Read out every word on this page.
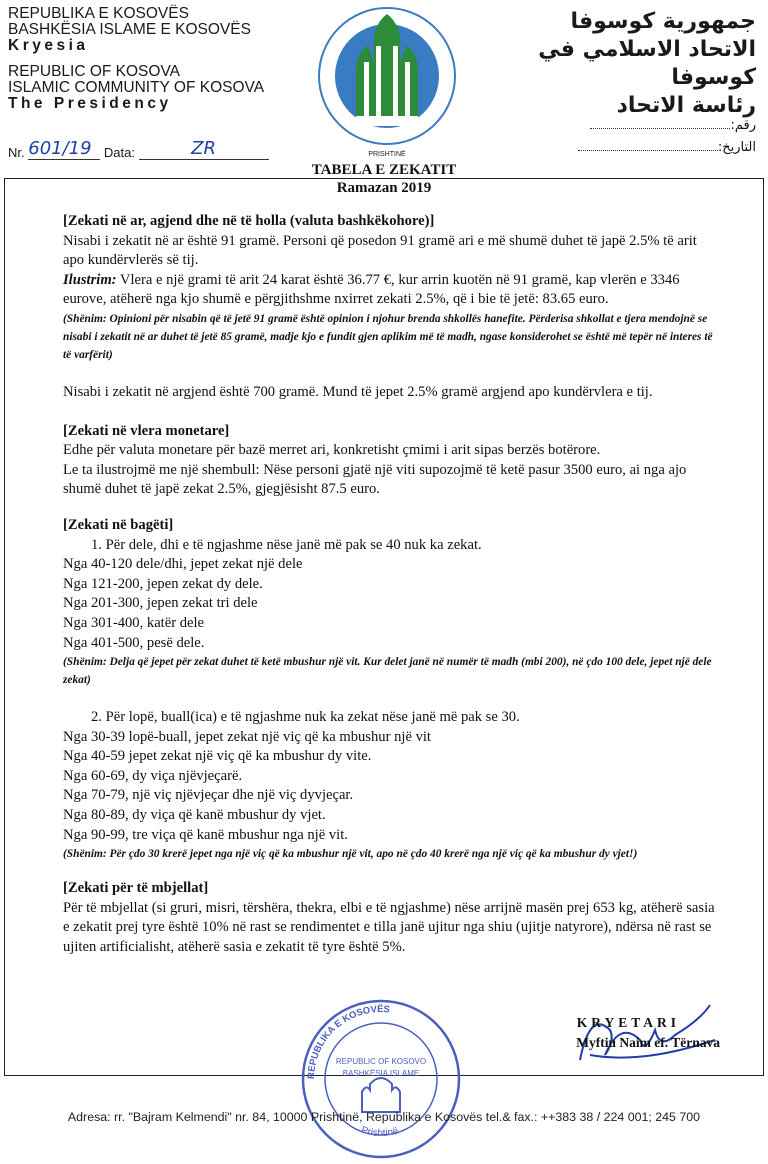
REPUBLIKA E KOSOVËS
BASHKËSIA ISLAME E KOSOVËS
Kryesia
REPUBLIC OF KOSOVA
ISLAMIC COMMUNITY OF KOSOVA
The Presidency
Nr. 601/19 Data:	ZR	PRISHTINË
جمهورية كوسوفا
الاتحاد الاسلامي في كوسوفا
رئاسة الاتحاد
رقم:
التاريخ:
TABELA E ZEKATIT
Ramazan 2019

[Zekati në ar, agjend dhe në të holla (valuta bashkëkohore)]

Nisabi i zekatit në ar është 91 gramë. Personi që posedon 91 gramë ari e më shumë duhet të japë 2.5% të arit apo kundërvlerës së tij.

Ilustrim: Vlera e një grami të arit 24 karat është 36.77 €, kur arrin kuotën në 91 gramë, kap vlerën e 3346 eurove, atëherë nga kjo shumë e përgjithshme nxirret zekati 2.5%, që i bie të jetë: 83.65 euro.

(Shënim: Opinioni për nisabin që të jetë 91 gramë është opinion i njohur brenda shkollës hanefite. Përderisa shkollat e tjera mendojnë se nisabi i zekatit në ar duhet të jetë 85 gramë, madje kjo e fundit gjen aplikim më të madh, ngase konsiderohet se është më tepër në interes të të varfërit)

Nisabi i zekatit në argjend është 700 gramë. Mund të jepet 2.5% gramë argjend apo kundërvlera e tij.

[Zekati në vlera monetare]

Edhe për valuta monetare për bazë merret ari, konkretisht çmimi i arit sipas berzës botërore.

Le ta ilustrojmë me një shembull: Nëse personi gjatë një viti supozojmë të ketë pasur 3500 euro, ai nga ajo shumë duhet të japë zekat 2.5%, gjegjësisht 87.5 euro.

[Zekati në bagëti]

1. Për dele, dhi e të ngjashme nëse janë më pak se 40 nuk ka zekat.

Nga 40-120 dele/dhi, jepet zekat një dele

Nga 121-200, jepen zekat dy dele.

Nga 201-300, jepen zekat tri dele

Nga 301-400, katër dele

Nga 401-500, pesë dele.

(Shënim: Delja që jepet për zekat duhet të ketë mbushur një vit. Kur delet janë në numër të madh (mbi 200), në çdo 100 dele, jepet një dele zekat)

2. Për lopë, buall(ica) e të ngjashme nuk ka zekat nëse janë më pak se 30.

Nga 30-39 lopë-buall, jepet zekat një viç që ka mbushur një vit

Nga 40-59 jepet zekat një viç që ka mbushur dy vite.

Nga 60-69, dy viça njëvjeçarë.

Nga 70-79, një viç njëvjeçar dhe një viç dyvjeçar.

Nga 80-89, dy viça që kanë mbushur dy vjet.

Nga 90-99, tre viça që kanë mbushur nga një vit.

(Shënim: Për çdo 30 krerë jepet nga një viç që ka mbushur një vit, apo në çdo 40 krerë nga një viç që ka mbushur dy vjet!)

[Zekati për të mbjellat]

Për të mbjellat (si gruri, misri, tërshëra, thekra, elbi e të ngjashme) nëse arrijnë masën prej 653 kg, atëherë sasia e zekatit prej tyre është 10% në rast se rendimentet e tilla janë ujitur nga shiu (ujitje natyrore), ndërsa në rast se ujiten artificialisht, atëherë sasia e zekatit të tyre është 5%.

REPUBLIKA E KOSOVËS
REPUBLIC OF KOSOVO
BASHKËSIA ISLAME
Prishtinë
KRYETARI
Myftiu Naim ef. Tërnava
Adresa: rr. "Bajram Kelmendi" nr. 84, 10000 Prishtinë, Republika e Kosovës tel.& fax.: ++383 38 / 224 001; 245 700
